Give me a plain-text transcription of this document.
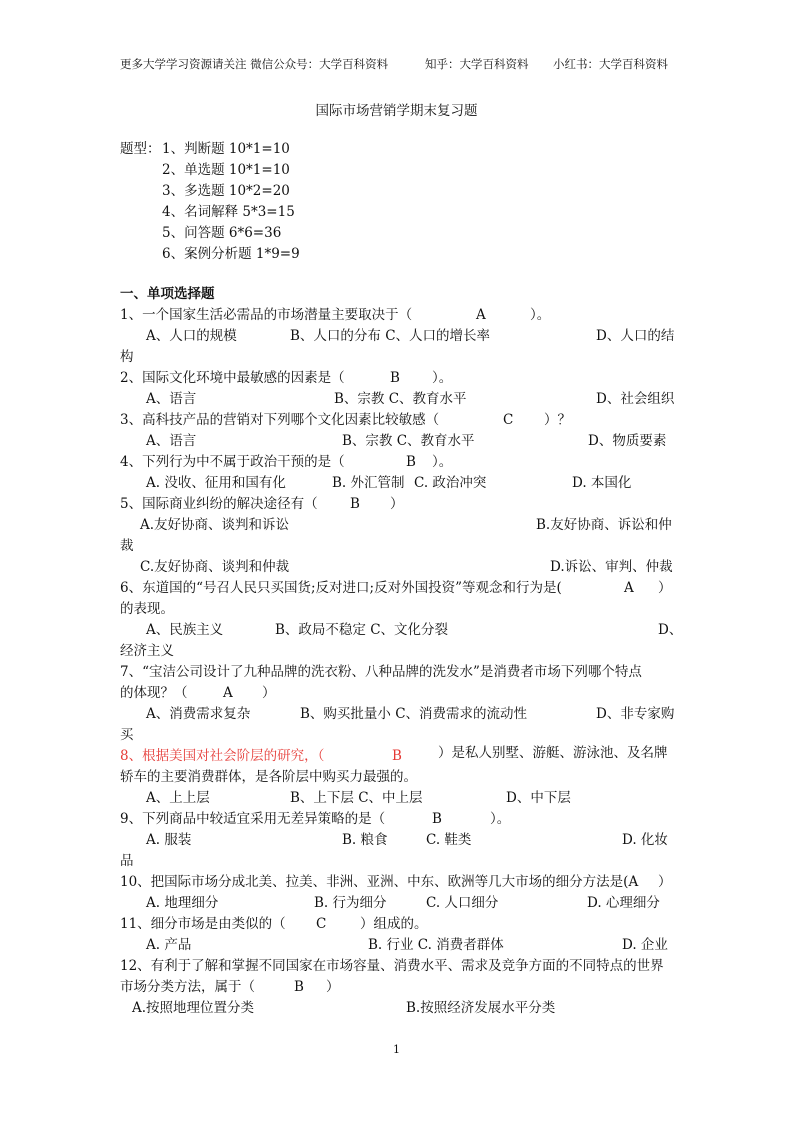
更多大学学习资源请关注 微信公众号：大学百科资料	知乎：大学百科资料 小红书：大学百科资料
国际市场营销学期末复习题
题型： 1、判断题 10*1=10
2、单选题 10*1=10
3、多选题 10*2=20
4、名词解释 5*3=15
5、问答题 6*6=36
6、案例分析题 1*9=9
一、单项选择题
1、一个国家生活必需品的市场潜量主要取决于（	A	）。
A、人口的规模	B、人口的分布 C、人口的增长率	D、人口的结
构
2、国际文化环境中最敏感的因素是（	B ）。
A、语言	B、宗教 C、教育水平	D、社会组织
3、高科技产品的营销对下列哪个文化因素比较敏感（	C ）？
A、语言	B、宗教 C、教育水平	D、物质要素
4、下列行为中不属于政治干预的是（	B ）。
A. 没收、征用和国有化	B. 外汇管制 C. 政治冲突	D. 本国化
5、国际商业纠纷的解决途径有（ B ）
A.友好协商、谈判和诉讼	B.友好协商、诉讼和仲
裁
C.友好协商、谈判和仲裁	D.诉讼、审判、仲裁
6、东道国的“号召人民只买国货;反对进口;反对外国投资”等观念和行为是(	A ）
的表现。
A、民族主义	B、政局不稳定 C、文化分裂	D、
经济主义
7、“宝洁公司设计了九种品牌的洗衣粉、八种品牌的洗发水”是消费者市场下列哪个特点
的体现？（	A ）
A、消费需求复杂	B、购买批量小 C、消费需求的流动性	D、非专家购
买
8、根据美国对社会阶层的研究，（	B	）是私人别墅、游艇、游泳池、及名牌
轿车的主要消费群体，是各阶层中购买力最强的。
A、上上层	B、上下层 C、中上层	D、中下层
9、下列商品中较适宜采用无差异策略的是（	B	）。
A. 服装	B. 粮食	C. 鞋类	D. 化妆
品
10、把国际市场分成北美、拉美、非洲、亚洲、中东、欧洲等几大市场的细分方法是(A ）
A. 地理细分	B. 行为细分	C. 人口细分	D. 心理细分
11、细分市场是由类似的（ C ）组成的。
A. 产品	B. 行业 C. 消费者群体	D. 企业
12、有利于了解和掌握不同国家在市场容量、消费水平、需求及竞争方面的不同特点的世界
市场分类方法，属于（	B ）
A.按照地理位置分类	B.按照经济发展水平分类
1
